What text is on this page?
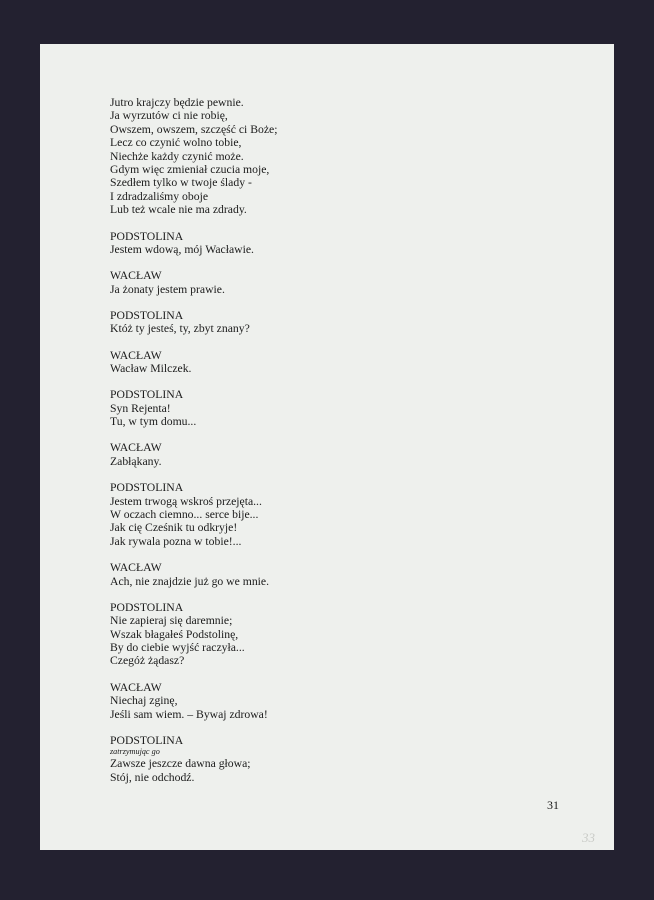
Jutro krajczy będzie pewnie.
Ja wyrzutów ci nie robię,
Owszem, owszem, szczęść ci Boże;
Lecz co czynić wolno tobie,
Niechże każdy czynić może.
Gdym więc zmieniał czucia moje,
Szedłem tylko w twoje ślady -
I zdradzaliśmy oboje
Lub też wcale nie ma zdrady.
PODSTOLINA
Jestem wdową, mój Wacławie.
WACŁAW
Ja żonaty jestem prawie.
PODSTOLINA
Któż ty jesteś, ty, zbyt znany?
WACŁAW
Wacław Milczek.
PODSTOLINA
Syn Rejenta!
Tu, w tym domu...
WACŁAW
Zabłąkany.
PODSTOLINA
Jestem trwogą wskroś przejęta...
W oczach ciemno... serce bije...
Jak cię Cześnik tu odkryje!
Jak rywala pozna w tobie!...
WACŁAW
Ach, nie znajdzie już go we mnie.
PODSTOLINA
Nie zapieraj się daremnie;
Wszak błagałeś Podstolinę,
By do ciebie wyjść raczyła...
Czegóż żądasz?
WACŁAW
Niechaj zginę,
Jeśli sam wiem. – Bywaj zdrowa!
PODSTOLINA
zatrzymując go
Zawsze jeszcze dawna głowa;
Stój, nie odchodź.
31
33
